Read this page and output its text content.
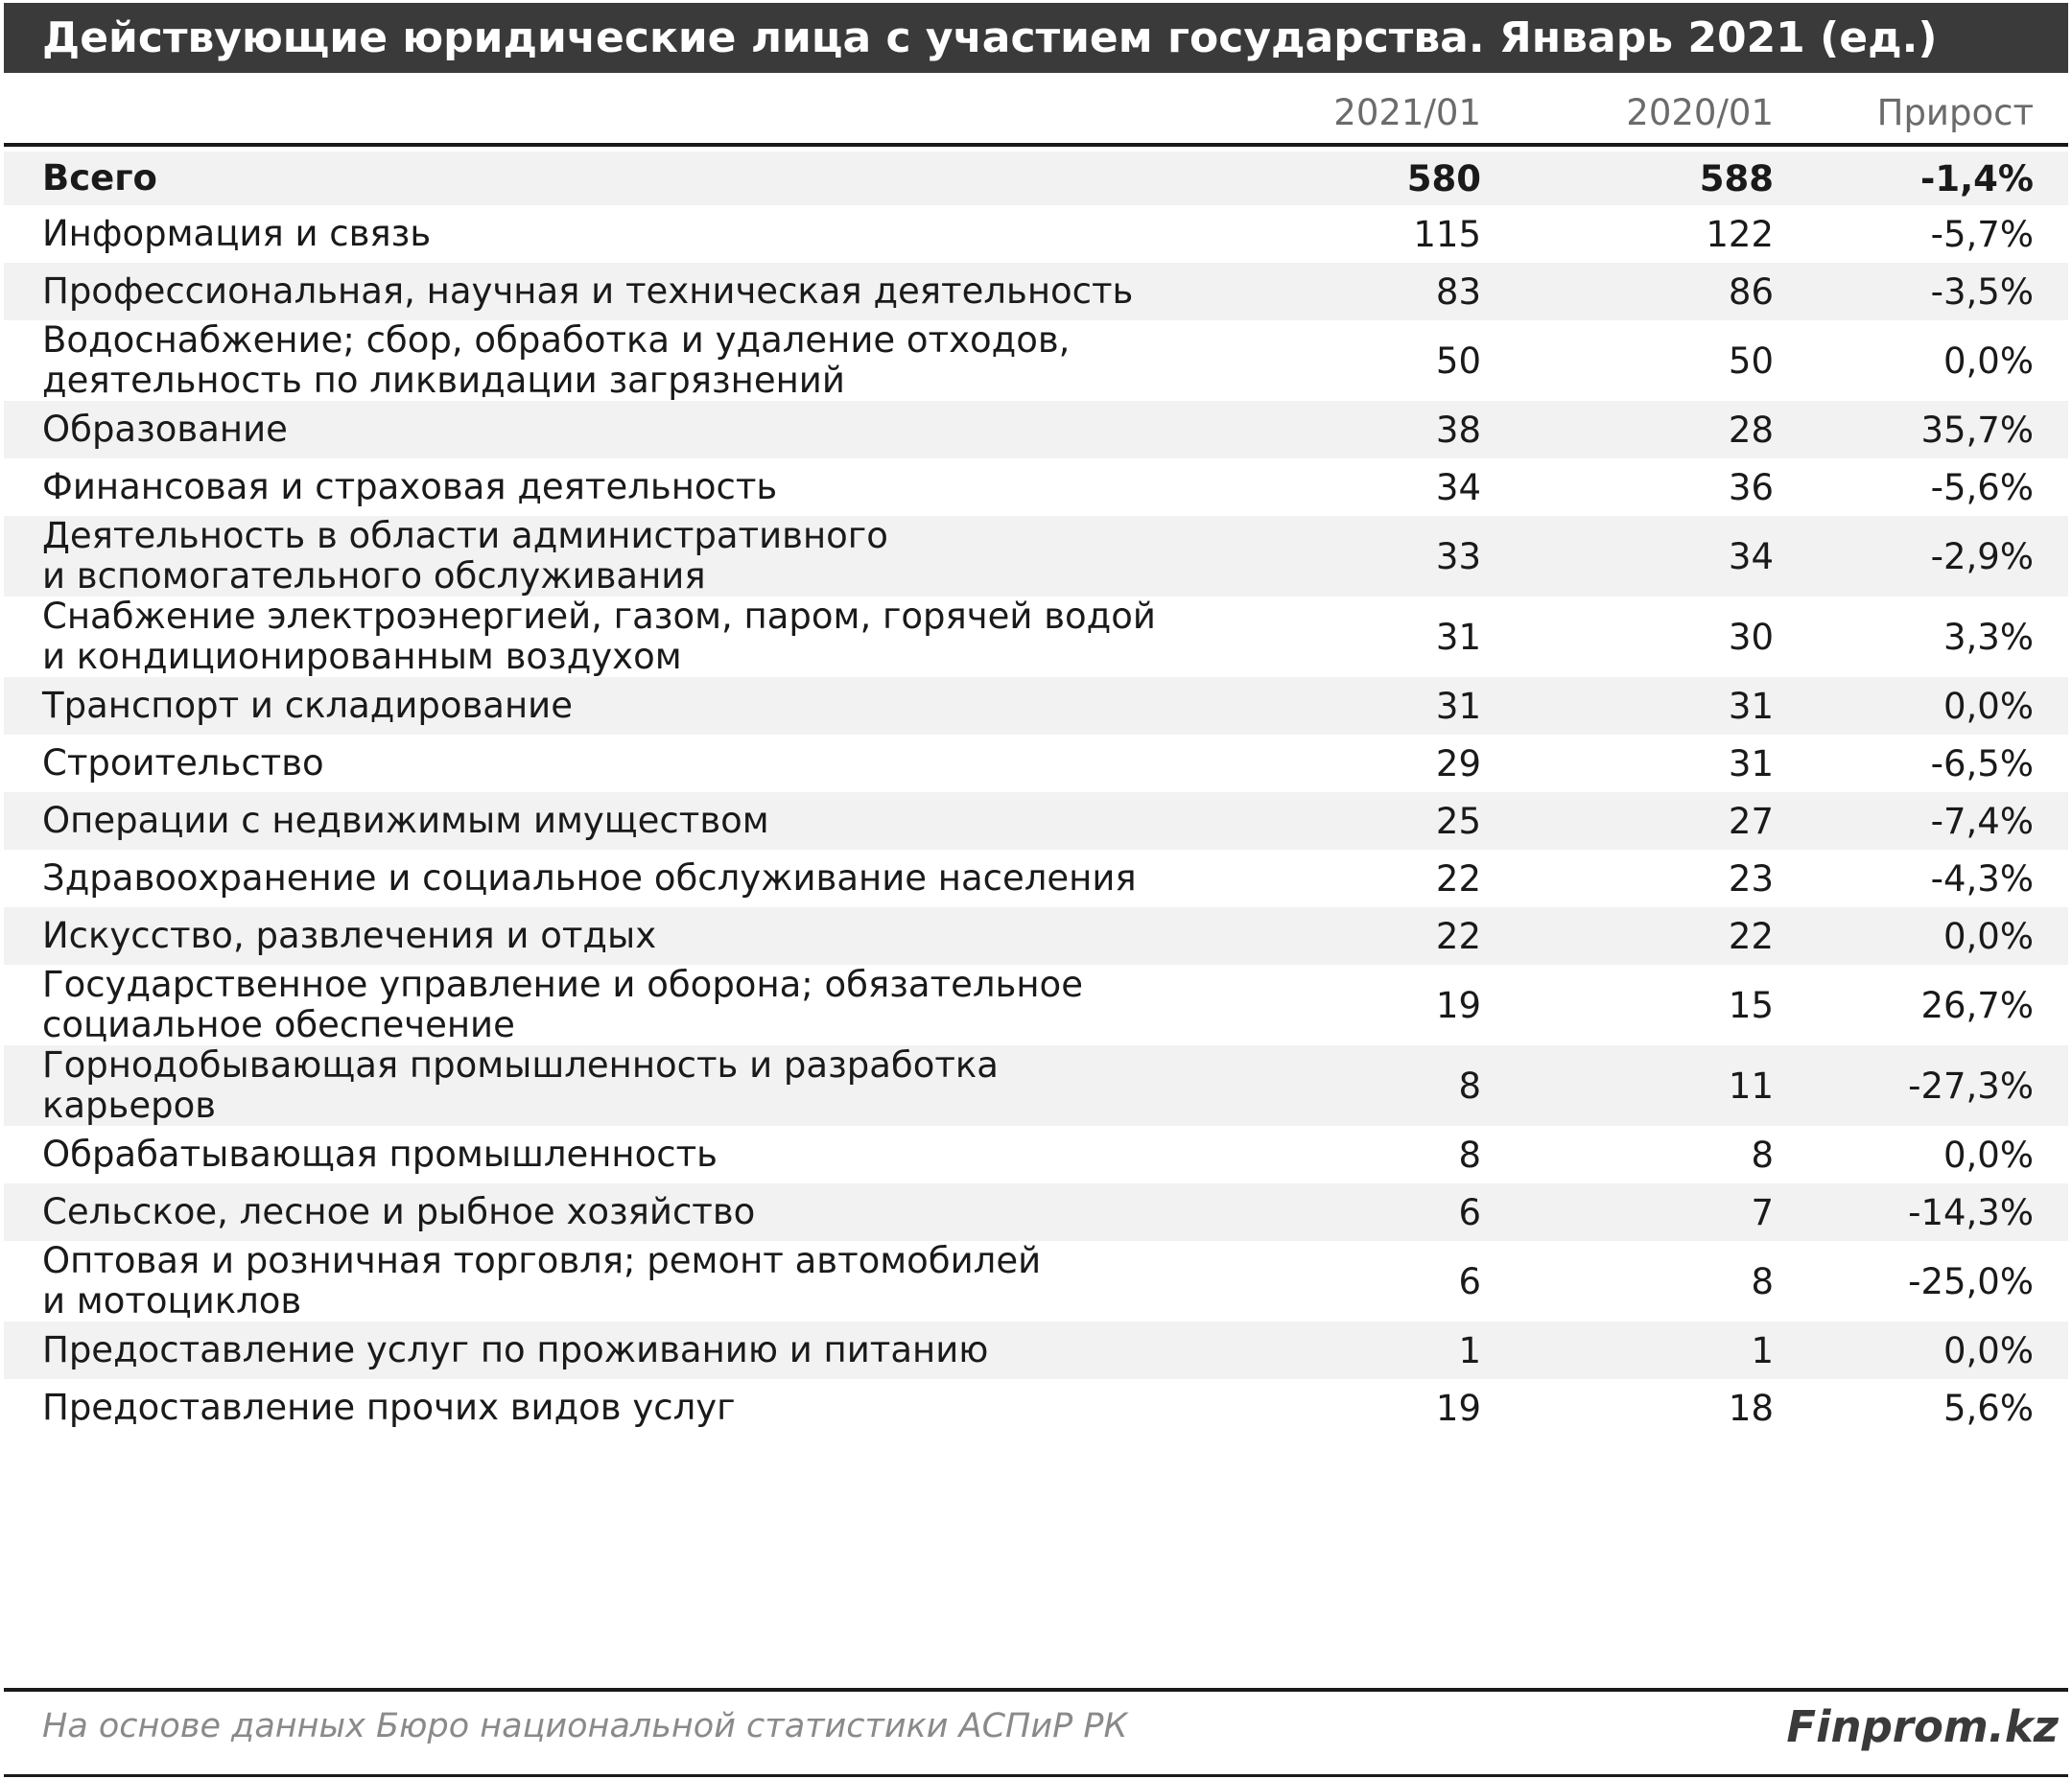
Действующие юридические лица с участием государства. Январь 2021 (ед.)
2021/01	2020/01	Прирост
Всего	580	588	-1,4%
Информация и связь	115	122	-5,7%
Профессиональная, научная и техническая деятельность	83	86	-3,5%
Водоснабжение; сбор, обработка и удаление отходов,
деятельность по ликвидации загрязнений	50	50	0,0%
Образование	38	28	35,7%
Финансовая и страховая деятельность	34	36	-5,6%
Деятельность в области административного
и вспомогательного обслуживания	33	34	-2,9%
Снабжение электроэнергией, газом, паром, горячей водой
и кондиционированным воздухом	31	30	3,3%
Транспорт и складирование	31	31	0,0%
Строительство	29	31	-6,5%
Операции с недвижимым имуществом	25	27	-7,4%
Здравоохранение и социальное обслуживание населения	22	23	-4,3%
Искусство, развлечения и отдых	22	22	0,0%
Государственное управление и оборона; обязательное
социальное обеспечение	19	15	26,7%
Горнодобывающая промышленность и разработка
карьеров	8	11	-27,3%
Обрабатывающая промышленность	8	8	0,0%
Сельское, лесное и рыбное хозяйство	6	7	-14,3%
Оптовая и розничная торговля; ремонт автомобилей
и мотоциклов	6	8	-25,0%
Предоставление услуг по проживанию и питанию	1	1	0,0%
Предоставление прочих видов услуг	19	18	5,6%
На основе данных Бюро национальной статистики АСПиР РК	Finprom.kz
